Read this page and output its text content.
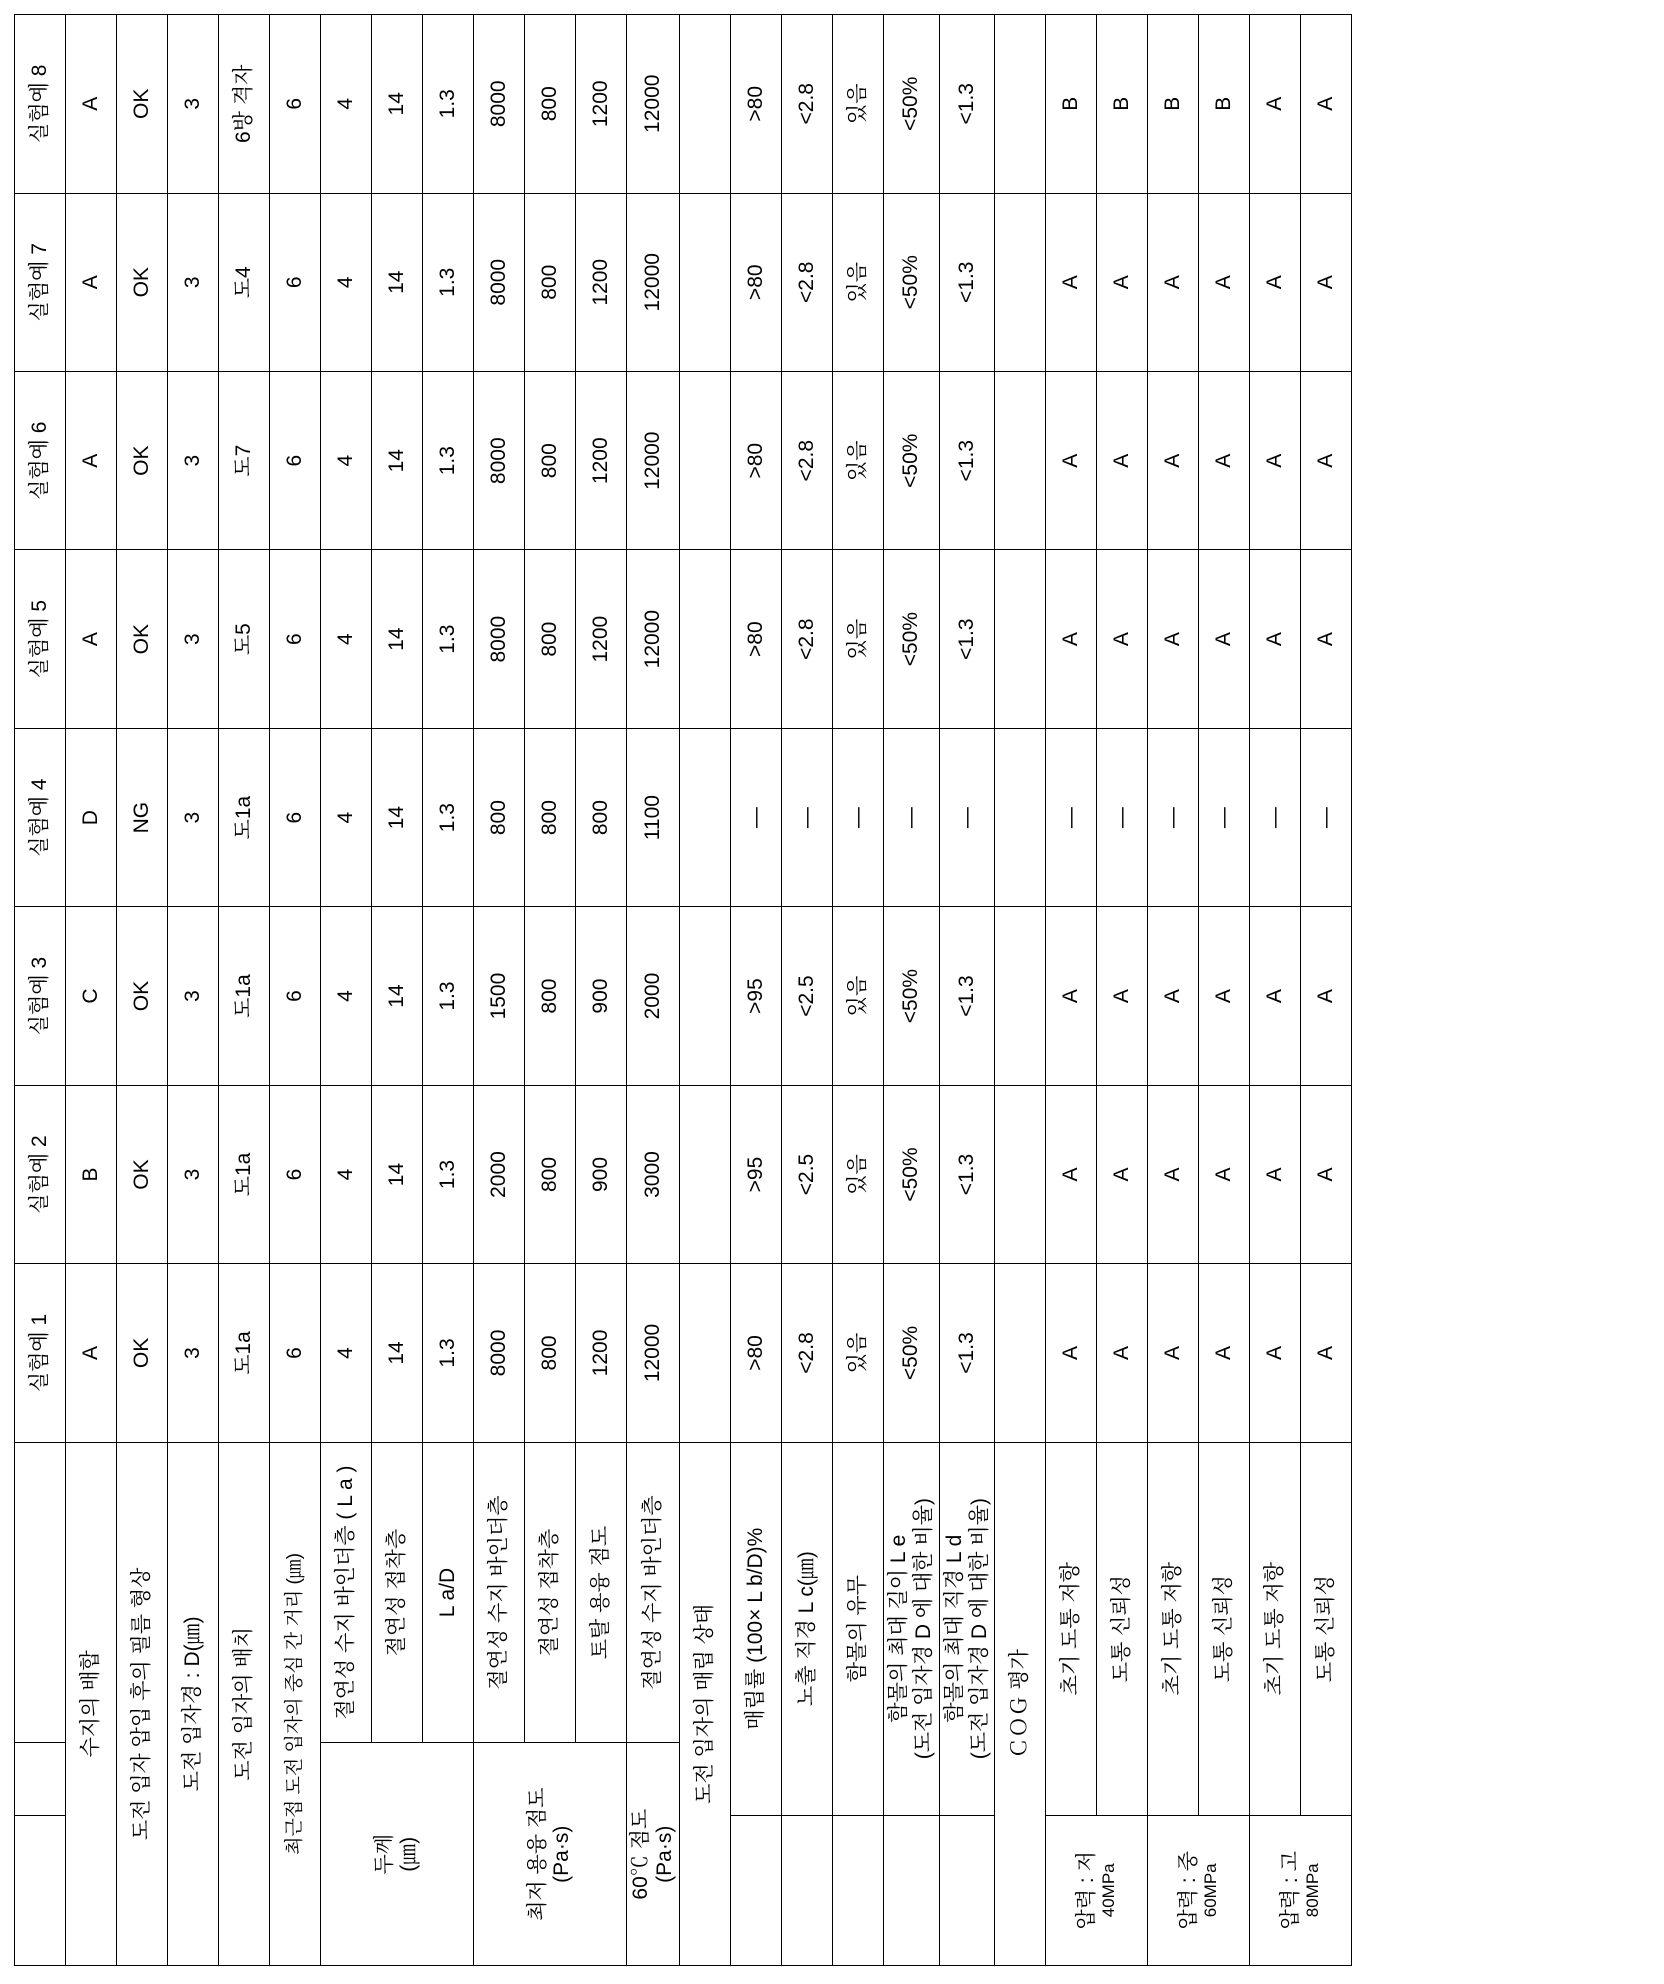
			실험예 1	실험예 2	실험예 3	실험예 4	실험예 5	실험예 6	실험예 7	실험예 8
수지의 배합			A	B	C	D	A	A	A	A
도전 입자 압입 후의 필름 형상			OK	OK	OK	NG	OK	OK	OK	OK
도전 입자경 : D(㎛)			3	3	3	3	3	3	3	3
도전 입자의 배치			도1a	도1a	도1a	도1a	도5	도7	도4	6방 격자
최근접 도전 입자의 중심 간 거리 (㎛)			6	6	6	6	6	6	6	6
두께
(㎛)		절연성 수지 바인더층 ( L a )	4	4	4	4	4	4	4	4
		절연성 접착층	14	14	14	14	14	14	14	14
		L a/D	1.3	1.3	1.3	1.3	1.3	1.3	1.3	1.3
최저 용융 점도
(Pa·s)		절연성 수지 바인더층	8000	2000	1500	800	8000	8000	8000	8000
		절연성 접착층	800	800	800	800	800	800	800	800
		토탈 용융 점도	1200	900	900	800	1200	1200	1200	1200
60℃ 점도
(Pa·s)		절연성 수지 바인더층	12000	3000	2000	1100	12000	12000	12000	12000
도전 입자의 매립 상태										
	매립률 (100× L b/D)%		>80	>95	>95	—	>80	>80	>80	>80
	노출 직경 L c(㎛)		<2.8	<2.5	<2.5	—	<2.8	<2.8	<2.8	<2.8
	함몰의 유무		있음	있음	있음	—	있음	있음	있음	있음
	함몰의 최대 길이 L e
(도전 입자경 D 에 대한 비율)		<50%	<50%	<50%	—	<50%	<50%	<50%	<50%
	함몰의 최대 직경 L d
(도전 입자경 D 에 대한 비율)		<1.3	<1.3	<1.3	—	<1.3	<1.3	<1.3	<1.3
ＣＯＧ 평가										

압력 : 저 40MPa	초기 도통 저항		A	A	A	—	A	A	A	B
	도통 신뢰성		A	A	A	—	A	A	A	B

압력 : 중 60MPa	초기 도통 저항		A	A	A	—	A	A	A	B
	도통 신뢰성		A	A	A	—	A	A	A	B

압력 : 고 80MPa	초기 도통 저항		A	A	A	—	A	A	A	A
	도통 신뢰성		A	A	A	—	A	A	A	A
